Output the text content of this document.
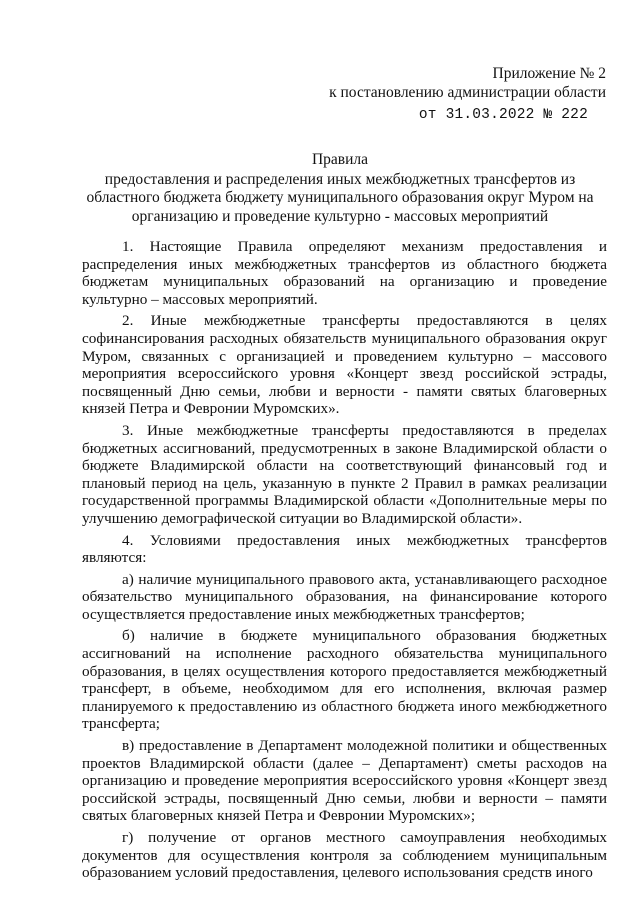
Приложение № 2
к постановлению администрации области
от 31.03.2022 № 222
Правила
предоставления и распределения иных межбюджетных трансфертов из областного бюджета бюджету муниципального образования округ Муром на организацию и проведение культурно - массовых мероприятий

1. Настоящие Правила определяют механизм предоставления и распределения иных межбюджетных трансфертов из областного бюджета бюджетам муниципальных образований на организацию и проведение культурно – массовых мероприятий.

2. Иные межбюджетные трансферты предоставляются в целях софинансирования расходных обязательств муниципального образования округ Муром, связанных с организацией и проведением культурно – массового мероприятия всероссийского уровня «Концерт звезд российской эстрады, посвященный Дню семьи, любви и верности - памяти святых благоверных князей Петра и Февронии Муромских».

3. Иные межбюджетные трансферты предоставляются в пределах бюджетных ассигнований, предусмотренных в законе Владимирской области о бюджете Владимирской области на соответствующий финансовый год и плановый период на цель, указанную в пункте 2 Правил в рамках реализации государственной программы Владимирской области «Дополнительные меры по улучшению демографической ситуации во Владимирской области».

4. Условиями предоставления иных межбюджетных трансфертов являются:

а) наличие муниципального правового акта, устанавливающего расходное обязательство муниципального образования, на финансирование которого осуществляется предоставление иных межбюджетных трансфертов;

б) наличие в бюджете муниципального образования бюджетных ассигнований на исполнение расходного обязательства муниципального образования, в целях осуществления которого предоставляется межбюджетный трансферт, в объеме, необходимом для его исполнения, включая размер планируемого к предоставлению из областного бюджета иного межбюджетного трансферта;

в) предоставление в Департамент молодежной политики и общественных проектов Владимирской области (далее – Департамент) сметы расходов на организацию и проведение мероприятия всероссийского уровня «Концерт звезд российской эстрады, посвященный Дню семьи, любви и верности – памяти святых благоверных князей Петра и Февронии Муромских»;

г) получение от органов местного самоуправления необходимых документов для осуществления контроля за соблюдением муниципальным образованием условий предоставления, целевого использования средств иного
